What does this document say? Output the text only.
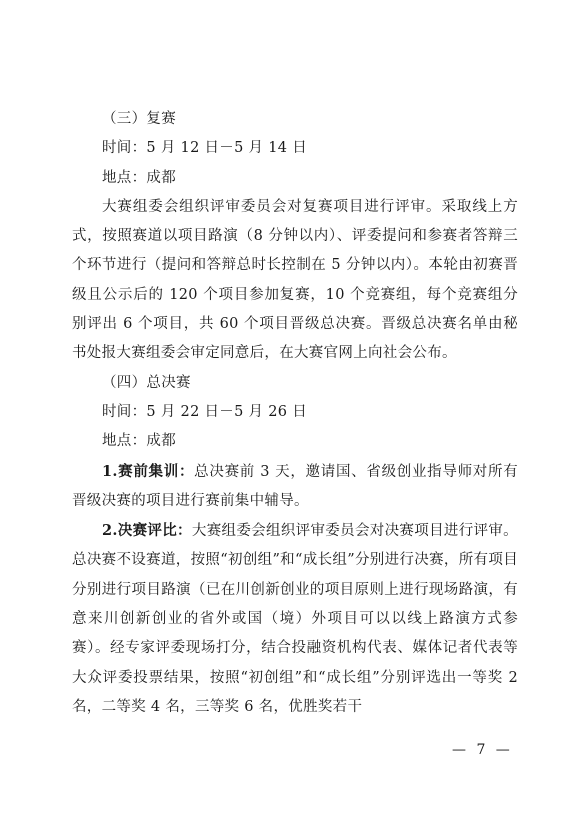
（三）复赛
时间：5 月 12 日－5 月 14 日
地点：成都

大赛组委会组织评审委员会对复赛项目进行评审。采取线上方式，按照赛道以项目路演（8 分钟以内）、评委提问和参赛者答辩三个环节进行（提问和答辩总时长控制在 5 分钟以内）。本轮由初赛晋级且公示后的 120 个项目参加复赛，10 个竞赛组，每个竞赛组分别评出 6 个项目，共 60 个项目晋级总决赛。晋级总决赛名单由秘书处报大赛组委会审定同意后，在大赛官网上向社会公布。

（四）总决赛
时间：5 月 22 日－5 月 26 日
地点：成都

1.赛前集训：总决赛前 3 天，邀请国、省级创业指导师对所有晋级决赛的项目进行赛前集中辅导。

2.决赛评比：大赛组委会组织评审委员会对决赛项目进行评审。总决赛不设赛道，按照“初创组”和“成长组”分别进行决赛，所有项目分别进行项目路演（已在川创新创业的项目原则上进行现场路演，有意来川创新创业的省外或国（境）外项目可以以线上路演方式参赛）。经专家评委现场打分，结合投融资机构代表、媒体记者代表等大众评委投票结果，按照“初创组”和“成长组”分别评选出一等奖 2 名，二等奖 4 名，三等奖 6 名，优胜奖若干

— 7 —
